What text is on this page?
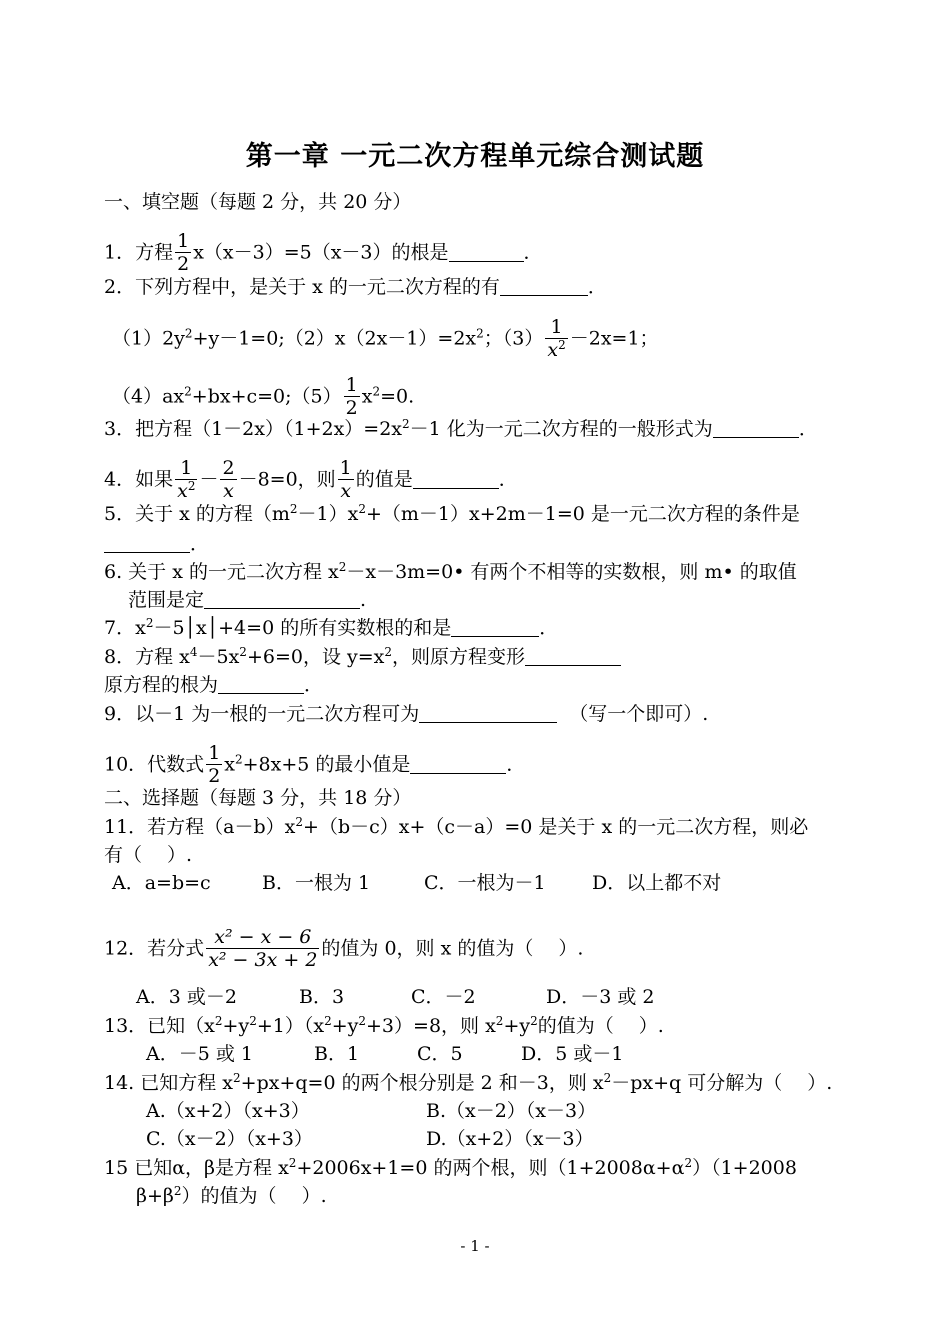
第一章 一元二次方程单元综合测试题
一、填空题（每题 2 分，共 20 分）
1．方程 $\frac{1}{2} x(x-3)=5(x-3)$的根是	．
2．下列方程中，是关于 x 的一元二次方程的有	．
$(1)2y^2+y-1=0;(2)x(2x-1)=2x^2$；$(3) \frac{1}{x^2} -2x=1$；
$(4)ax^2+bx+c=0;(5) \frac{1}{2} x^2=0$.
3．把方程$(1-2x)(1+2x)=2x^2-1$ 化为一元二次方程的一般形式为	．
4．如果 $\frac{1}{x^2} - \frac{2}{x} -8=0$，则 $\frac{1}{x}$ 的值是	．
5．关于 x 的方程$(m^2-1)x^2+(m-1)x+2m-1=0$ 是一元二次方程的条件是
．
6. 关于 x 的一元二次方程 $x^2-x-3m=0•$ 有两个不相等的实数根，则 m• 的取值
范围是定	.
7．$x^2-5│x│+4=0$ 的所有实数根的和是	．
8．方程 $x^4-5x^2+6=0$，设 $y=x^2$，则原方程变形
原方程的根为	．
9．以－1 为一根的一元二次方程可为	（写一个即可）.
10．代数式 $\frac{1}{2} x^2+8x+5$ 的最小值是	．
二、选择题（每题 3 分，共 18 分）
11．若方程$(a-b)x^2+(b-c)x+(c-a)=0$ 是关于 x 的一元二次方程，则必
有（　 ）.
A．a=b=c	B．一根为 1	C．一根为－1 D．以上都不对
12．若分式 $\frac{\text{x² − x − 6}}{\text{x² − 3x + 2}}$ 的值为 0，则 x 的值为（　 ）.
A．3 或－2	B．3	C．－2	D．－3 或 2
13．已知$(x^2+y^2+1)(x^2+y^2+3)=8$，则 $x^2+y^2$的值为（　 ）.
A．－5 或 1	B．1	C．5	D．5 或－1
14. 已知方程 $x^2+px+q=0$ 的两个根分别是 2 和－3，则 $x^2-px+q$ 可分解为（　 ）.
A.（x+2）（x+3）	B.（x－2）（x－3）
C.（x－2）（x+3）	D.（x+2）（x－3）
15 已知α，β是方程 $x^2+2006x+1=0$ 的两个根，则$(1+2008\alpha+\alpha^2)(1+2008$
$\beta+\beta^2$）的值为（　 ）.
- 1 -
